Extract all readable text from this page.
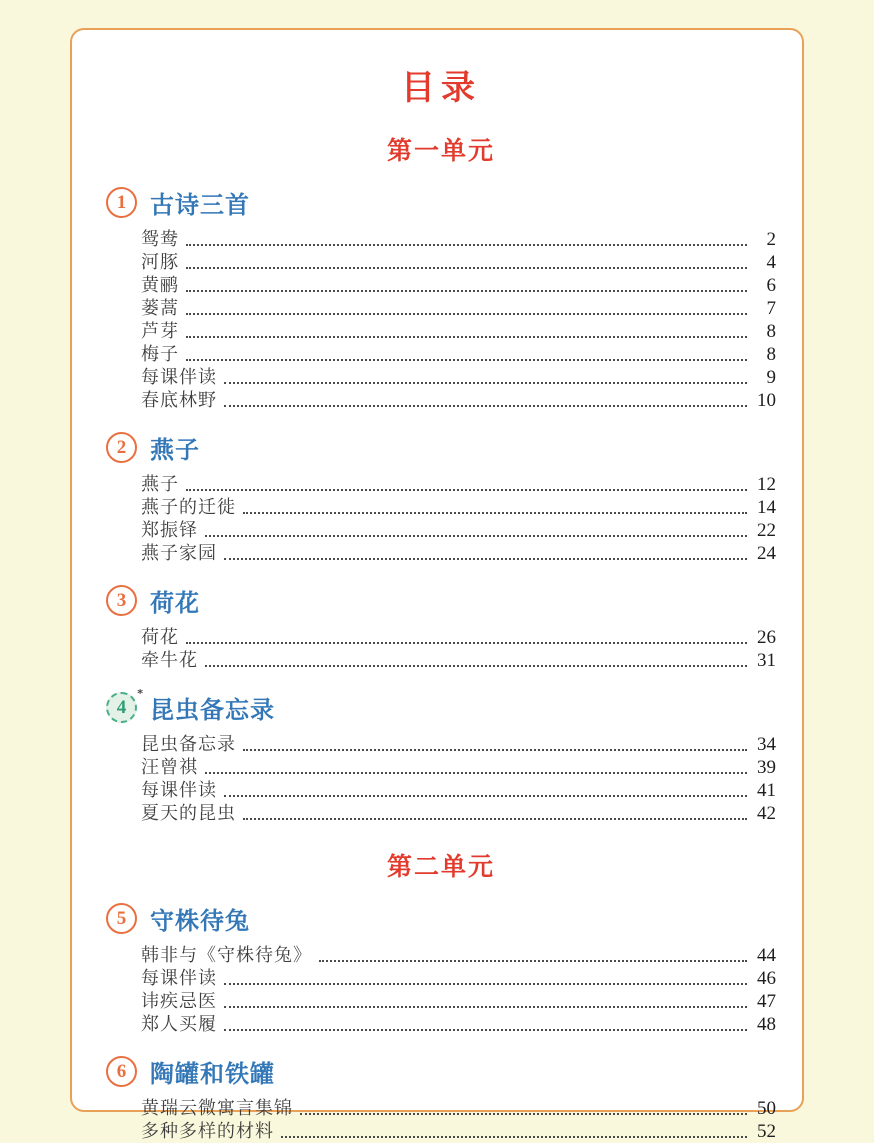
目录
第一单元
1 古诗三首
鸳鸯	2
河豚	4
黄鹂	6
蒌蒿	7
芦芽	8
梅子	8
每课伴读	9
春底林野	10
2 燕子
燕子	12
燕子的迁徙	14
郑振铎	22
燕子家园	24
3 荷花
荷花	26
牵牛花	31
4
*
昆虫备忘录
昆虫备忘录	34
汪曾祺	39
每课伴读	41
夏天的昆虫	42
第二单元
5 守株待兔
韩非与《守株待兔》	44
每课伴读	46
讳疾忌医	47
郑人买履	48
6 陶罐和铁罐
黄瑞云微寓言集锦	50
多种多样的材料	52
